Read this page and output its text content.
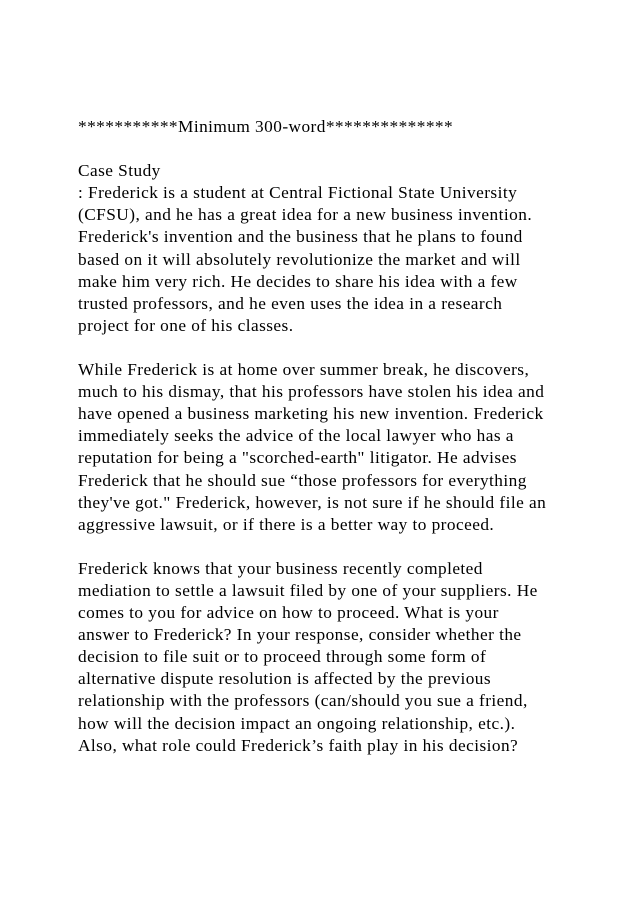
***********Minimum 300-word**************
Case Study
: Frederick is a student at Central Fictional State University
(CFSU), and he has a great idea for a new business invention.
Frederick's invention and the business that he plans to found
based on it will absolutely revolutionize the market and will
make him very rich. He decides to share his idea with a few
trusted professors, and he even uses the idea in a research
project for one of his classes.
While Frederick is at home over summer break, he discovers,
much to his dismay, that his professors have stolen his idea and
have opened a business marketing his new invention. Frederick
immediately seeks the advice of the local lawyer who has a
reputation for being a "scorched-earth" litigator. He advises
Frederick that he should sue “those professors for everything
they've got." Frederick, however, is not sure if he should file an
aggressive lawsuit, or if there is a better way to proceed.
Frederick knows that your business recently completed
mediation to settle a lawsuit filed by one of your suppliers. He
comes to you for advice on how to proceed. What is your
answer to Frederick? In your response, consider whether the
decision to file suit or to proceed through some form of
alternative dispute resolution is affected by the previous
relationship with the professors (can/should you sue a friend,
how will the decision impact an ongoing relationship, etc.).
Also, what role could Frederick’s faith play in his decision?
